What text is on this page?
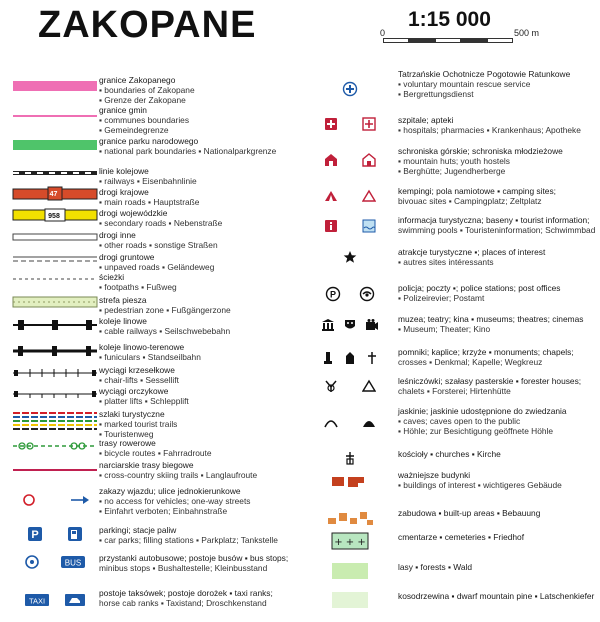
ZAKOPANE	1:15 000
0	500 m
granice Zakopanego
▪ boundaries of Zakopane
▪ Grenze der Zakopane
granice gmin
▪ communes boundaries
▪ Gemeindegrenze
granice parku narodowego
▪ national park boundaries ▪ Nationalparkgrenze
linie kolejowe
▪ railways ▪ Eisenbahnlinie
47	drogi krajowe
▪ main roads ▪ Hauptstraße
958	drogi wojewódzkie
▪ secondary roads ▪ Nebenstraße
drogi inne
▪ other roads ▪ sonstige Straßen
drogi gruntowe
▪ unpaved roads ▪ Geländeweg
ścieżki
▪ footpaths ▪ Fußweg
strefa piesza
▪ pedestrian zone ▪ Fußgängerzone
koleje linowe
▪ cable railways ▪ Seilschwebebahn
koleje linowo-terenowe
▪ funiculars ▪ Standseilbahn
wyciągi krzesełkowe
▪ chair-lifts ▪ Sessellift
wyciągi orczykowe
▪ platter lifts ▪ Schlepplift
szlaki turystyczne
▪ marked tourist trails
▪ Touristenweg
trasy rowerowe
▪ bicycle routes ▪ Fahrradroute
narciarskie trasy biegowe
▪ cross-country skiing trails ▪ Langlaufroute
zakazy wjazdu; ulice jednokierunkowe
▪ no access for vehicles; one-way streets
▪ Einfahrt verboten; Einbahnstraße
P	parkingi; stacje paliw
▪ car parks; filling stations ▪ Parkplatz; Tankstelle
BUS przystanki autobusowe; postoje busów ▪ bus stops;
minibus stops ▪ Bushaltestelle; Kleinbusstand
TAXI
postoje taksówek; postoje dorożek ▪ taxi ranks;
horse cab ranks ▪ Taxistand; Droschkenstand
Tatrzańskie Ochotnicze Pogotowie Ratunkowe
▪ voluntary mountain rescue service
▪ Bergrettungsdienst
szpitale; apteki
▪ hospitals; pharmacies ▪ Krankenhaus; Apotheke
schroniska górskie; schroniska młodzieżowe
▪ mountain huts; youth hostels
▪ Berghütte; Jugendherberge
kempingi; pola namiotowe ▪ camping sites;
bivouac sites ▪ Campingplatz; Zeltplatz
informacja turystyczna; baseny ▪ tourist information;
swimming pools ▪ Touristeninformation; Schwimmbad
atrakcje turystyczne ▪; places of interest
▪ autres sites intéressants
P
policja; poczty ▪; police stations; post offices
▪ Polizeirevier; Postamt
muzea; teatry; kina ▪ museums; theatres; cinemas
▪ Museum; Theater; Kino
pomniki; kaplice; krzyże ▪ monuments; chapels;
crosses ▪ Denkmal; Kapelle; Wegkreuz
leśniczówki; szałasy pasterskie ▪ forester houses;
chalets ▪ Forsterei; Hirtenhütte
jaskinie; jaskinie udostępnione do zwiedzania
▪ caves; caves open to the public
▪ Höhle; zur Besichtigung geöffnete Höhle
kościoły ▪ churches ▪ Kirche
ważniejsze budynki
▪ buildings of interest ▪ wichtigeres Gebäude
zabudowa ▪ built-up areas ▪ Bebauung
+ + +	cmentarze ▪ cemeteries ▪ Friedhof
lasy ▪ forests ▪ Wald
kosodrzewina ▪ dwarf mountain pine ▪ Latschenkiefer
